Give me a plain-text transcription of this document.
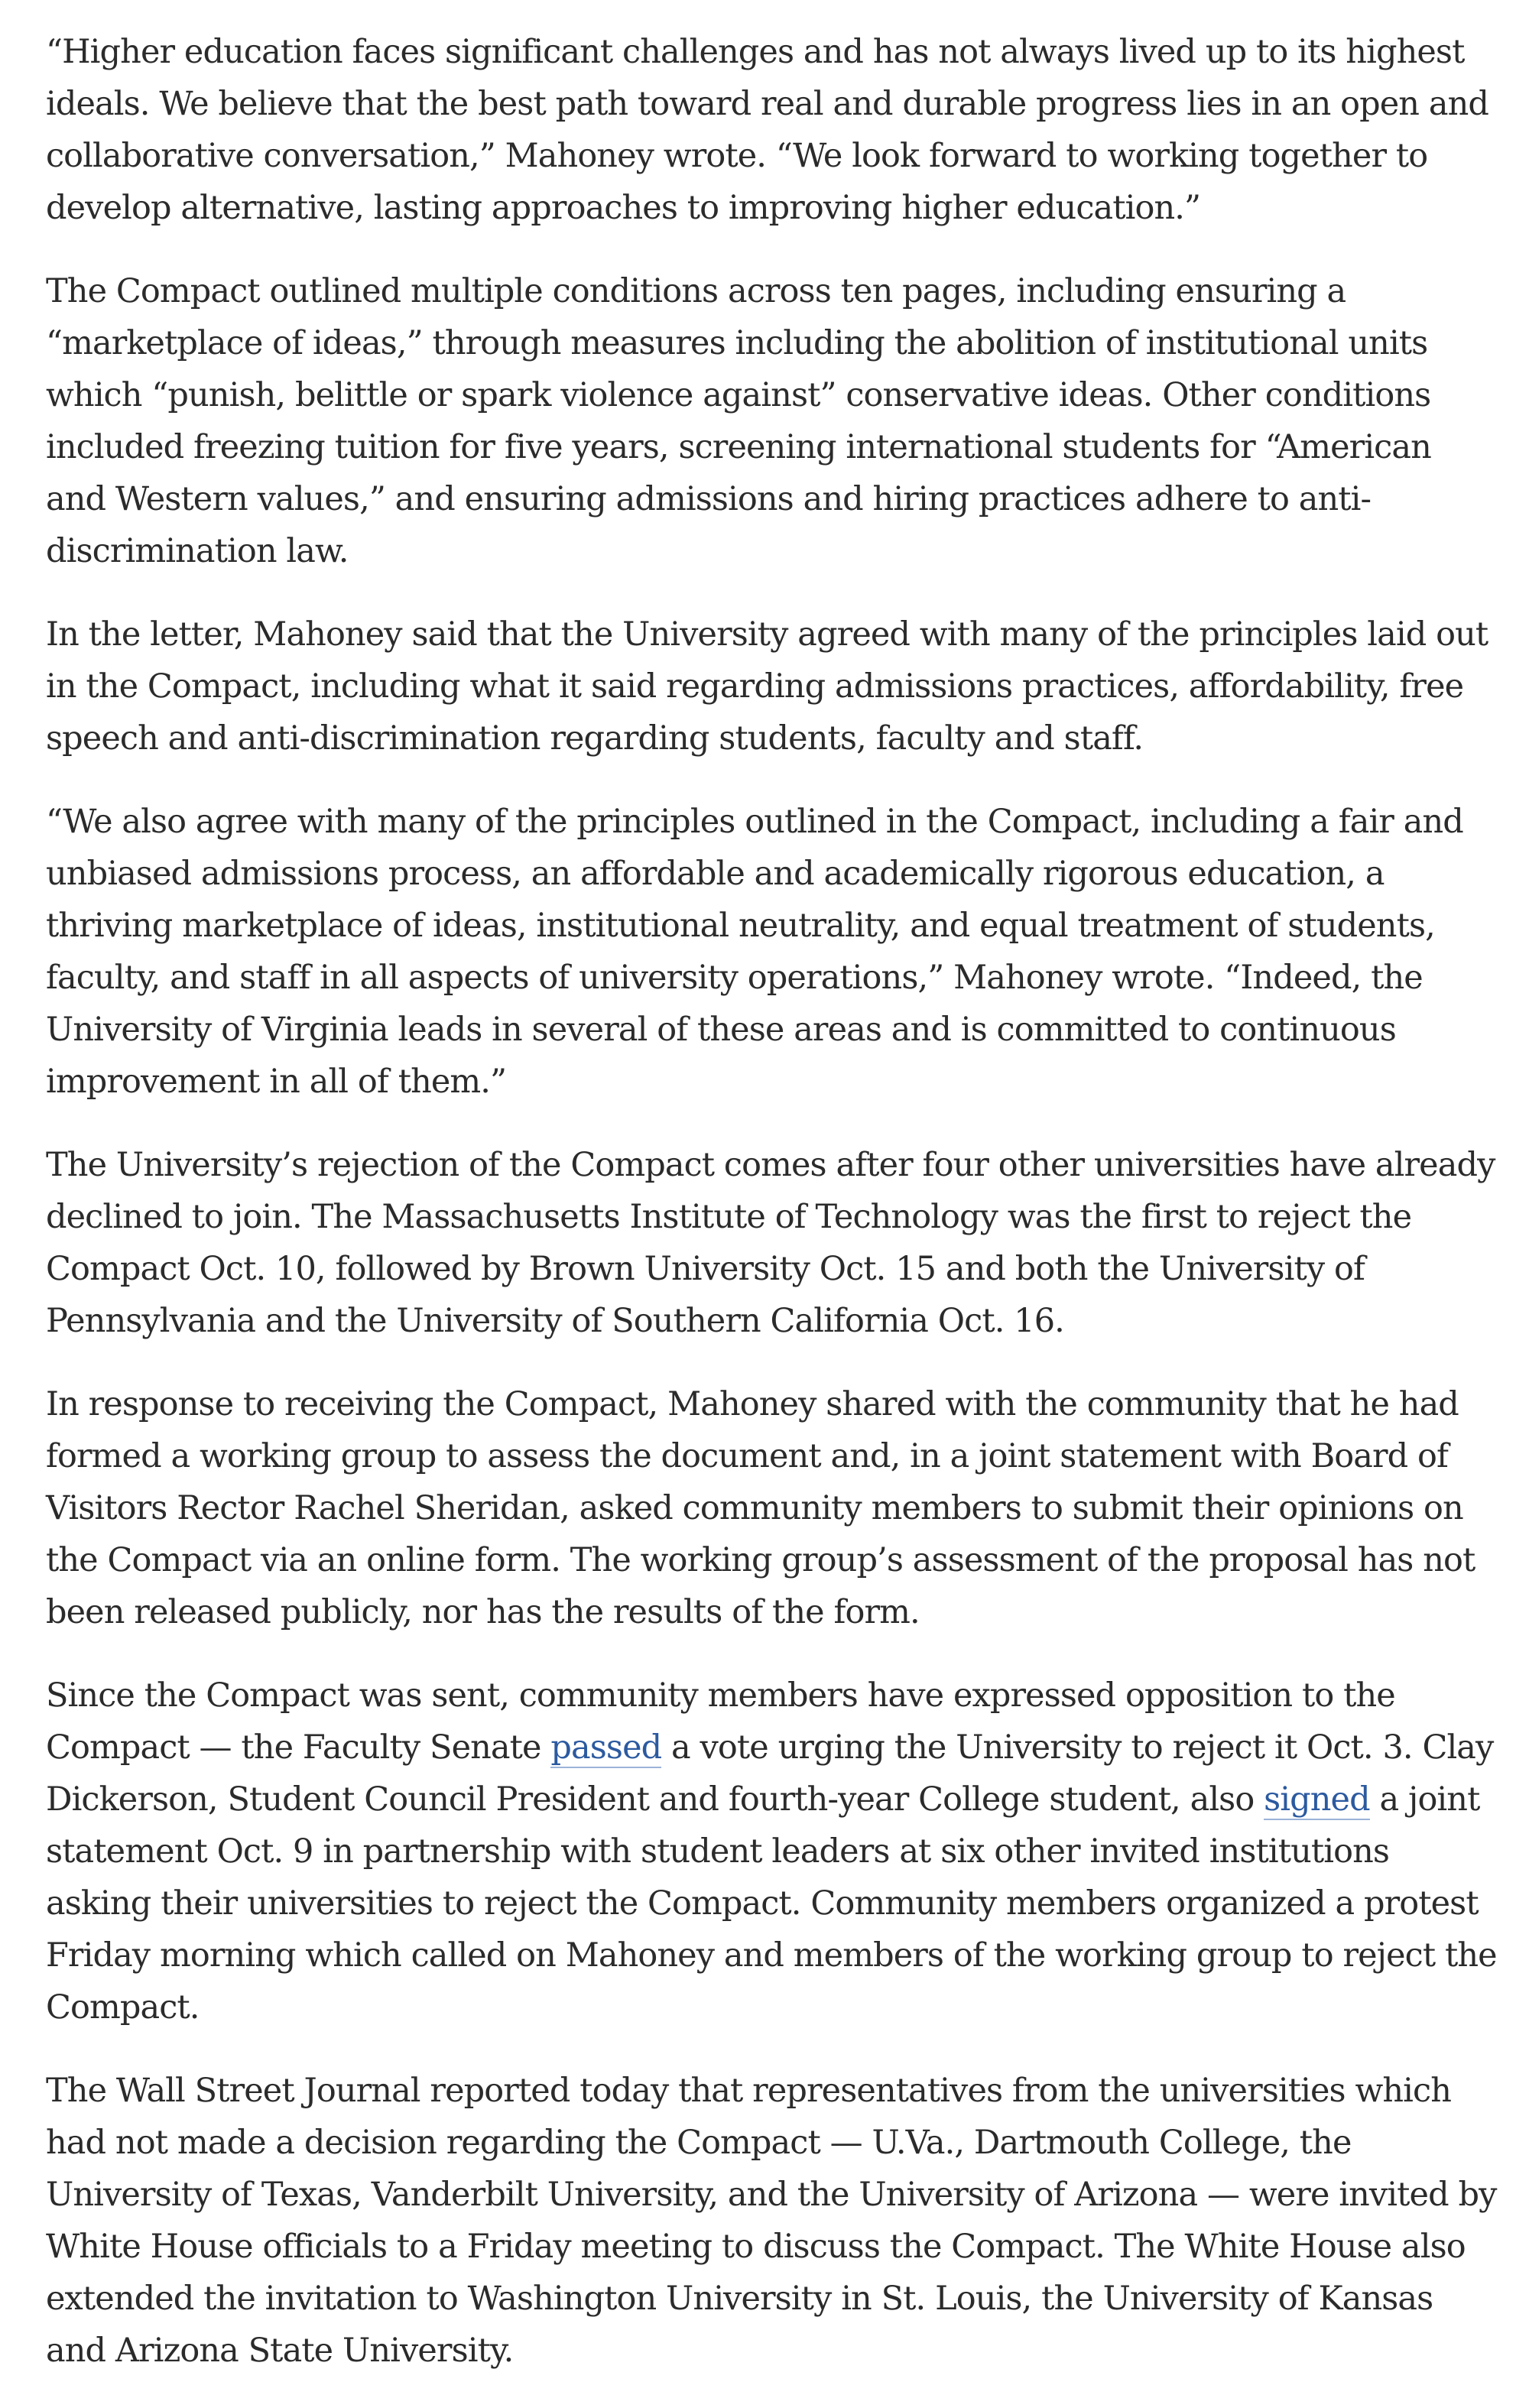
“Higher education faces significant challenges and has not always lived up to its highest ideals. We believe that the best path toward real and durable progress lies in an open and collaborative conversation,” Mahoney wrote. “We look forward to working together to develop alternative, lasting approaches to improving higher education.”

The Compact outlined multiple conditions across ten pages, including ensuring a “marketplace of ideas,” through measures including the abolition of institutional units which “punish, belittle or spark violence against” conservative ideas. Other conditions included freezing tuition for five years, screening international students for “American and Western values,” and ensuring admissions and hiring practices adhere to anti-discrimination law.

In the letter, Mahoney said that the University agreed with many of the principles laid out in the Compact, including what it said regarding admissions practices, affordability, free speech and anti-discrimination regarding students, faculty and staff.

“We also agree with many of the principles outlined in the Compact, including a fair and unbiased admissions process, an affordable and academically rigorous education, a thriving marketplace of ideas, institutional neutrality, and equal treatment of students, faculty, and staff in all aspects of university operations,” Mahoney wrote. “Indeed, the University of Virginia leads in several of these areas and is committed to continuous improvement in all of them.”

The University’s rejection of the Compact comes after four other universities have already declined to join. The Massachusetts Institute of Technology was the first to reject the Compact Oct. 10, followed by Brown University Oct. 15 and both the University of Pennsylvania and the University of Southern California Oct. 16.

In response to receiving the Compact, Mahoney shared with the community that he had formed a working group to assess the document and, in a joint statement with Board of Visitors Rector Rachel Sheridan, asked community members to submit their opinions on the Compact via an online form. The working group’s assessment of the proposal has not been released publicly, nor has the results of the form.

Since the Compact was sent, community members have expressed opposition to the Compact — the Faculty Senate passed a vote urging the University to reject it Oct. 3. Clay Dickerson, Student Council President and fourth-year College student, also signed a joint statement Oct. 9 in partnership with student leaders at six other invited institutions asking their universities to reject the Compact. Community members organized a protest Friday morning which called on Mahoney and members of the working group to reject the Compact.

The Wall Street Journal reported today that representatives from the universities which had not made a decision regarding the Compact — U.Va., Dartmouth College, the University of Texas, Vanderbilt University, and the University of Arizona — were invited by White House officials to a Friday meeting to discuss the Compact. The White House also extended the invitation to Washington University in St. Louis, the University of Kansas and Arizona State University.
